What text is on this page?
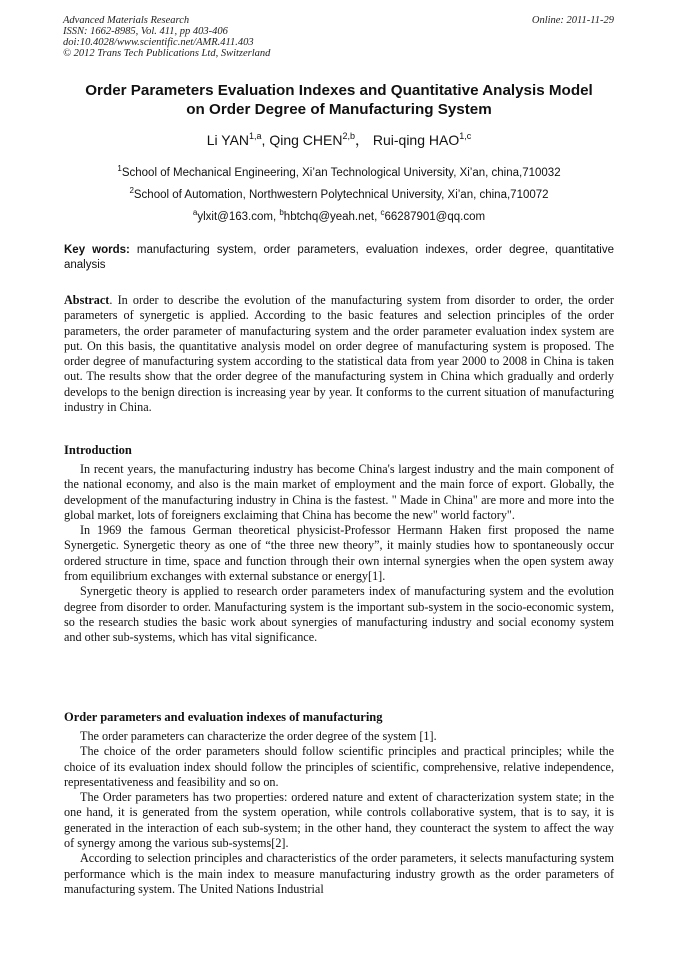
Advanced Materials Research
ISSN: 1662-8985, Vol. 411, pp 403-406
doi:10.4028/www.scientific.net/AMR.411.403
© 2012 Trans Tech Publications Ltd, Switzerland
Online: 2011-11-29
Order Parameters Evaluation Indexes and Quantitative Analysis Model
on Order Degree of Manufacturing System
Li YAN$^{1,a}$, Qing CHEN$^{2,b}$， Rui-qing HAO$^{1,c}$
$^1$School of Mechanical Engineering, Xi’an Technological University, Xi’an, china,710032
$^2$School of Automation, Northwestern Polytechnical University, Xi’an, china,710072
$^a$ylxit@163.com, $^b$hbtchq@yeah.net, $^c$66287901@qq.com
Key words: manufacturing system, order parameters, evaluation indexes, order degree, quantitative analysis

Abstract. In order to describe the evolution of the manufacturing system from disorder to order, the order parameters of synergetic is applied. According to the basic features and selection principles of the order parameters, the order parameter of manufacturing system and the order parameter evaluation index system are put. On this basis, the quantitative analysis model on order degree of manufacturing system is proposed. The order degree of manufacturing system according to the statistical data from year 2000 to 2008 in China is taken out. The results show that the order degree of the manufacturing system in China which gradually and orderly develops to the benign direction is increasing year by year. It conforms to the current situation of manufacturing industry in China.

Introduction

In recent years, the manufacturing industry has become China's largest industry and the main component of the national economy, and also is the main market of employment and the main force of export. Globally, the development of the manufacturing industry in China is the fastest. " Made in China" are more and more into the global market, lots of foreigners exclaiming that China has become the new" world factory".

In 1969 the famous German theoretical physicist-Professor Hermann Haken first proposed the name Synergetic. Synergetic theory as one of “the three new theory”, it mainly studies how to spontaneously occur ordered structure in time, space and function through their own internal synergies when the open system away from equilibrium exchanges with external substance or energy[1].

Synergetic theory is applied to research order parameters index of manufacturing system and the evolution degree from disorder to order. Manufacturing system is the important sub-system in the socio-economic system, so the research studies the basic work about synergies of manufacturing industry and social economy system and other sub-systems, which has vital significance.

Order parameters and evaluation indexes of manufacturing

The order parameters can characterize the order degree of the system [1].

The choice of the order parameters should follow scientific principles and practical principles; while the choice of its evaluation index should follow the principles of scientific, comprehensive, relative independence, representativeness and feasibility and so on.

The Order parameters has two properties: ordered nature and extent of characterization system state; in the one hand, it is generated from the system operation, while controls collaborative system, that is to say, it is generated in the interaction of each sub-system; in the other hand, they counteract the system to affect the way of synergy among the various sub-systems[2].

According to selection principles and characteristics of the order parameters, it selects manufacturing system performance which is the main index to measure manufacturing industry growth as the order parameters of manufacturing system. The United Nations Industrial
